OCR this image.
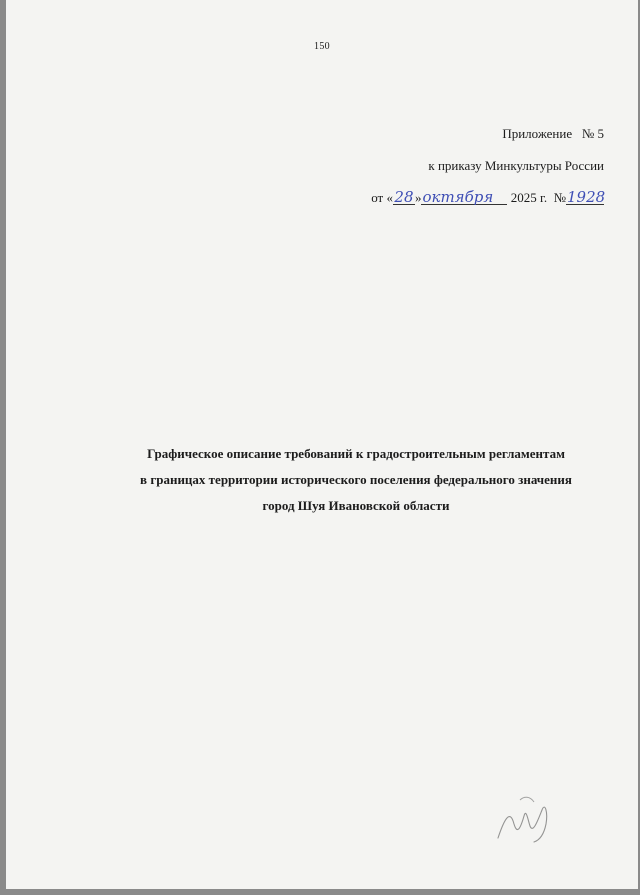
150
Приложение № 5
к приказу Минкультуры России
от «28»октября 2025 г. №1928
Графическое описание требований к градостроительным регламентам
в границах территории исторического поселения федерального значения
город Шуя Ивановской области
